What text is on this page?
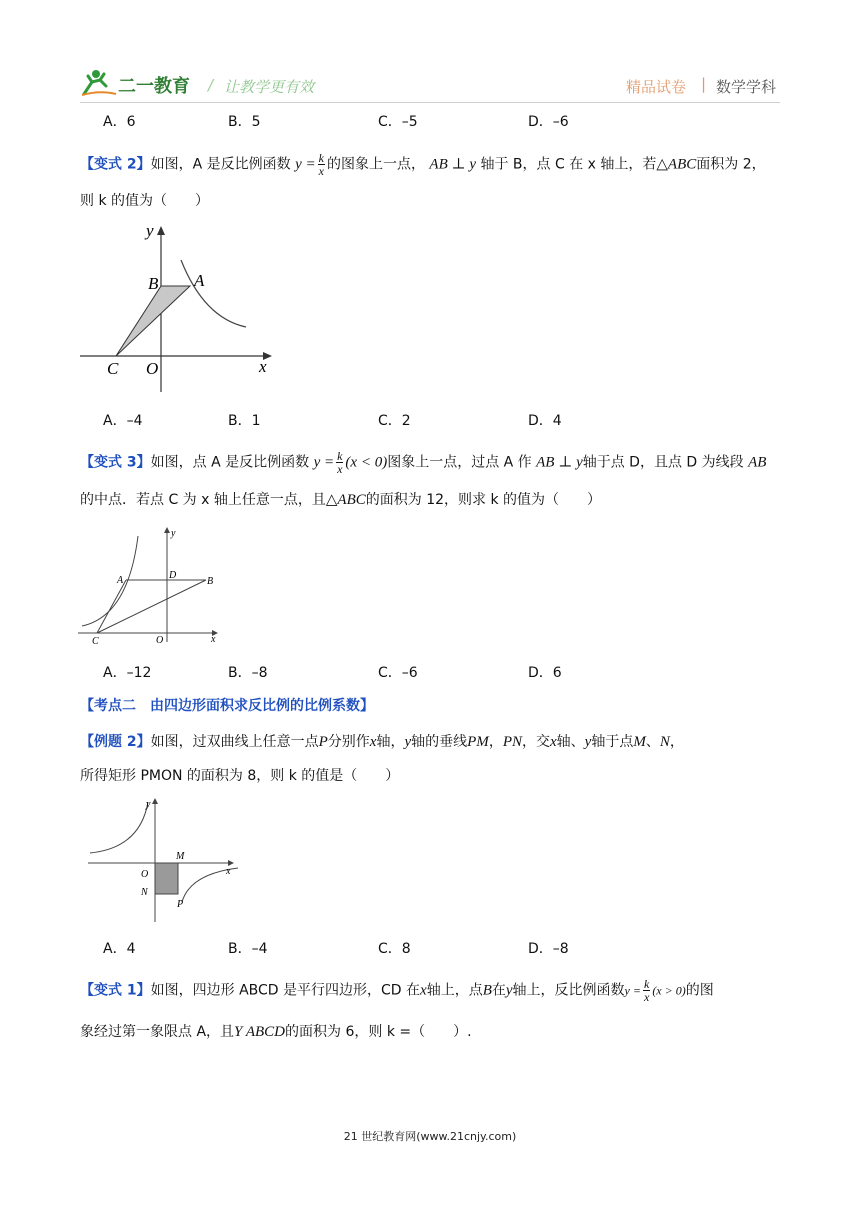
二一教育 / 让教学更有效	精品试卷 | 数学学科
A．6	B．5	C．–5	D．–6
【变式 2】如图，A 是反比例函数 $y = \frac{k}{x}$ 的图象上一点， AB ⊥ y 轴于 B，点 C 在 x 轴上，若△ABC面积为 2，
则 k 的值为（　　）
y
x
A
B
C O
A．–4	B．1	C．2	D．4
【变式 3】如图，点 A 是反比例函数 $y = \frac{k}{x} (x < 0)$图象上一点，过点 A 作 AB ⊥ y轴于点 D，且点 D 为线段 AB
的中点．若点 C 为 x 轴上任意一点，且△ABC的面积为 12，则求 k 的值为（　　）
y
x
A	D
B
C	O
A．–12	B．–8	C．–6	D．6
【考点二　由四边形面积求反比例的比例系数】
【例题 2】如图，过双曲线上任意一点P分别作x轴，y轴的垂线PM，PN，交x轴、y轴于点M、N，
所得矩形 PMON 的面积为 8，则 k 的值是（　　）
y
x
M
O
N
P
A．4	B．–4	C．8	D．–8
【变式 1】如图，四边形 ABCD 是平行四边形，CD 在x轴上，点B在y轴上，反比例函数$y = \frac{k}{x} (x > 0)$的图
象经过第一象限点 A，且Y ABCD的面积为 6，则 k =（　　）.
21 世纪教育网(www.21cnjy.com)
